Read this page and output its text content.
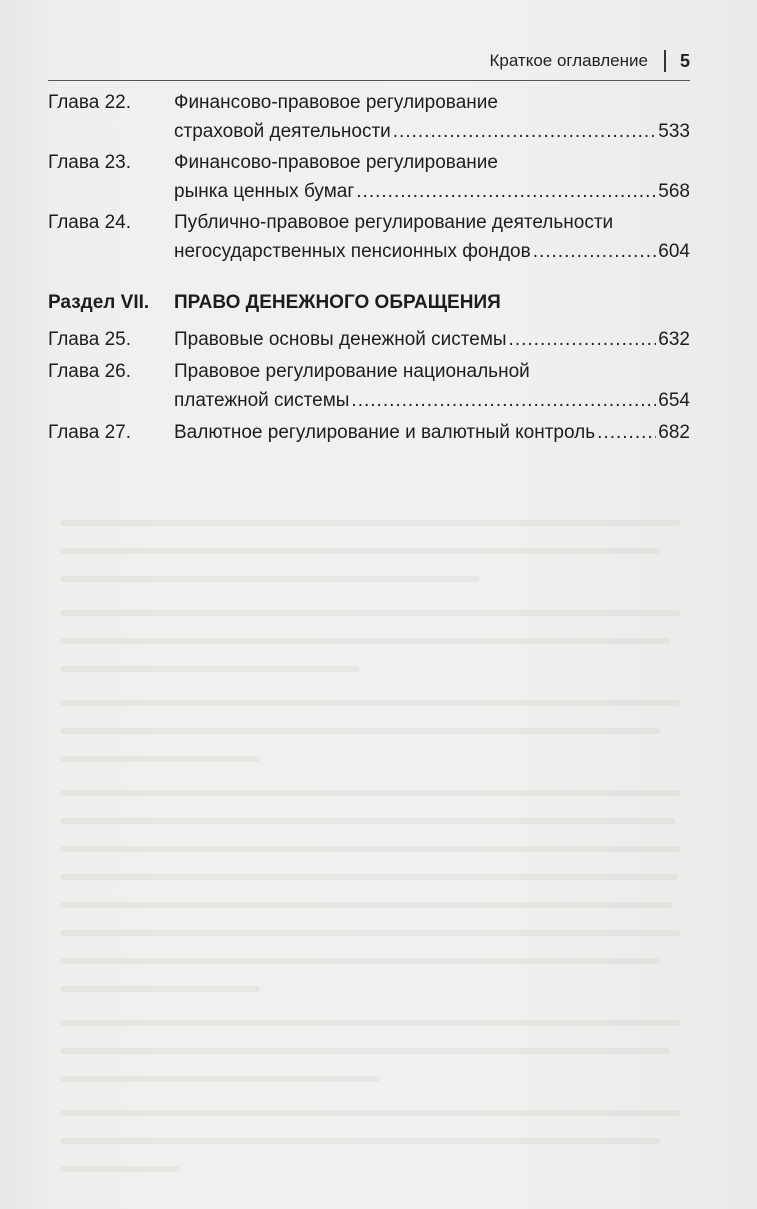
Краткое оглавление 5
Глава 22. Финансово-правовое регулирование
страховой деятельности .....	533
Глава 23. Финансово-правовое регулирование
рынка ценных бумаг .....	568
Глава 24. Публично-правовое регулирование деятельности
негосударственных пенсионных фондов .....	604
Раздел VII. ПРАВО ДЕНЕЖНОГО ОБРАЩЕНИЯ
Глава 25. Правовые основы денежной системы .....	632
Глава 26. Правовое регулирование национальной
платежной системы .....	654
Глава 27. Валютное регулирование и валютный контроль .....	682
